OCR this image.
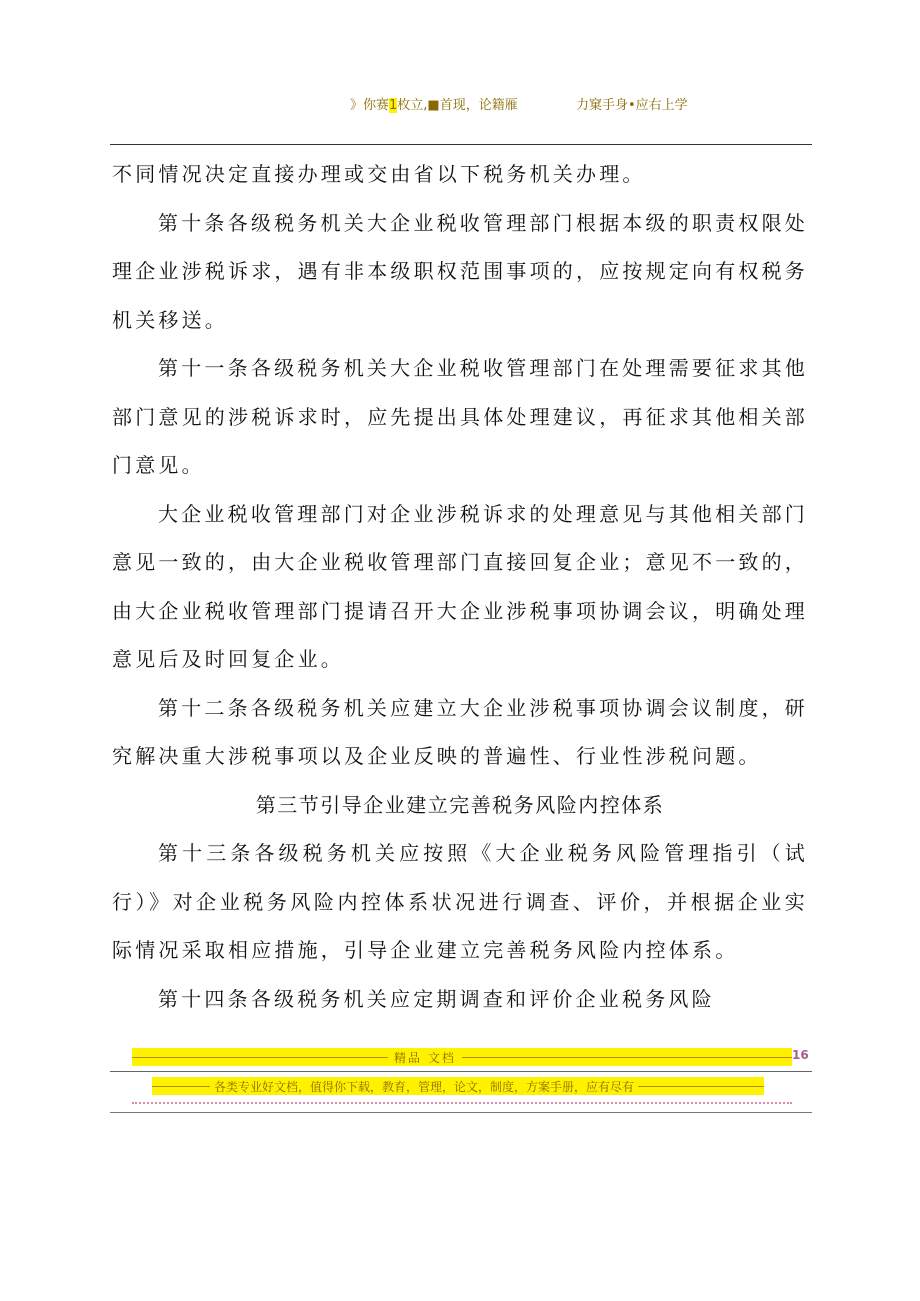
》你赛1枚立,■首现，论籍雁	力窠手身•应右上学

不同情况决定直接办理或交由省以下税务机关办理。

第十条各级税务机关大企业税收管理部门根据本级的职责权限处理企业涉税诉求，遇有非本级职权范围事项的，应按规定向有权税务机关移送。

第十一条各级税务机关大企业税收管理部门在处理需要征求其他部门意见的涉税诉求时，应先提出具体处理建议，再征求其他相关部门意见。

大企业税收管理部门对企业涉税诉求的处理意见与其他相关部门意见一致的，由大企业税收管理部门直接回复企业；意见不一致的，由大企业税收管理部门提请召开大企业涉税事项协调会议，明确处理意见后及时回复企业。

第十二条各级税务机关应建立大企业涉税事项协调会议制度，研究解决重大涉税事项以及企业反映的普遍性、行业性涉税问题。

第三节引导企业建立完善税务风险内控体系

第十三条各级税务机关应按照《大企业税务风险管理指引（试行）》对企业税务风险内控体系状况进行调查、评价，并根据企业实际情况采取相应措施，引导企业建立完善税务风险内控体系。

第十四条各级税务机关应定期调查和评价企业税务风险

精品 文档	16
各类专业好文档，值得你下载，教育，管理，论文，制度，方案手册，应有尽有
